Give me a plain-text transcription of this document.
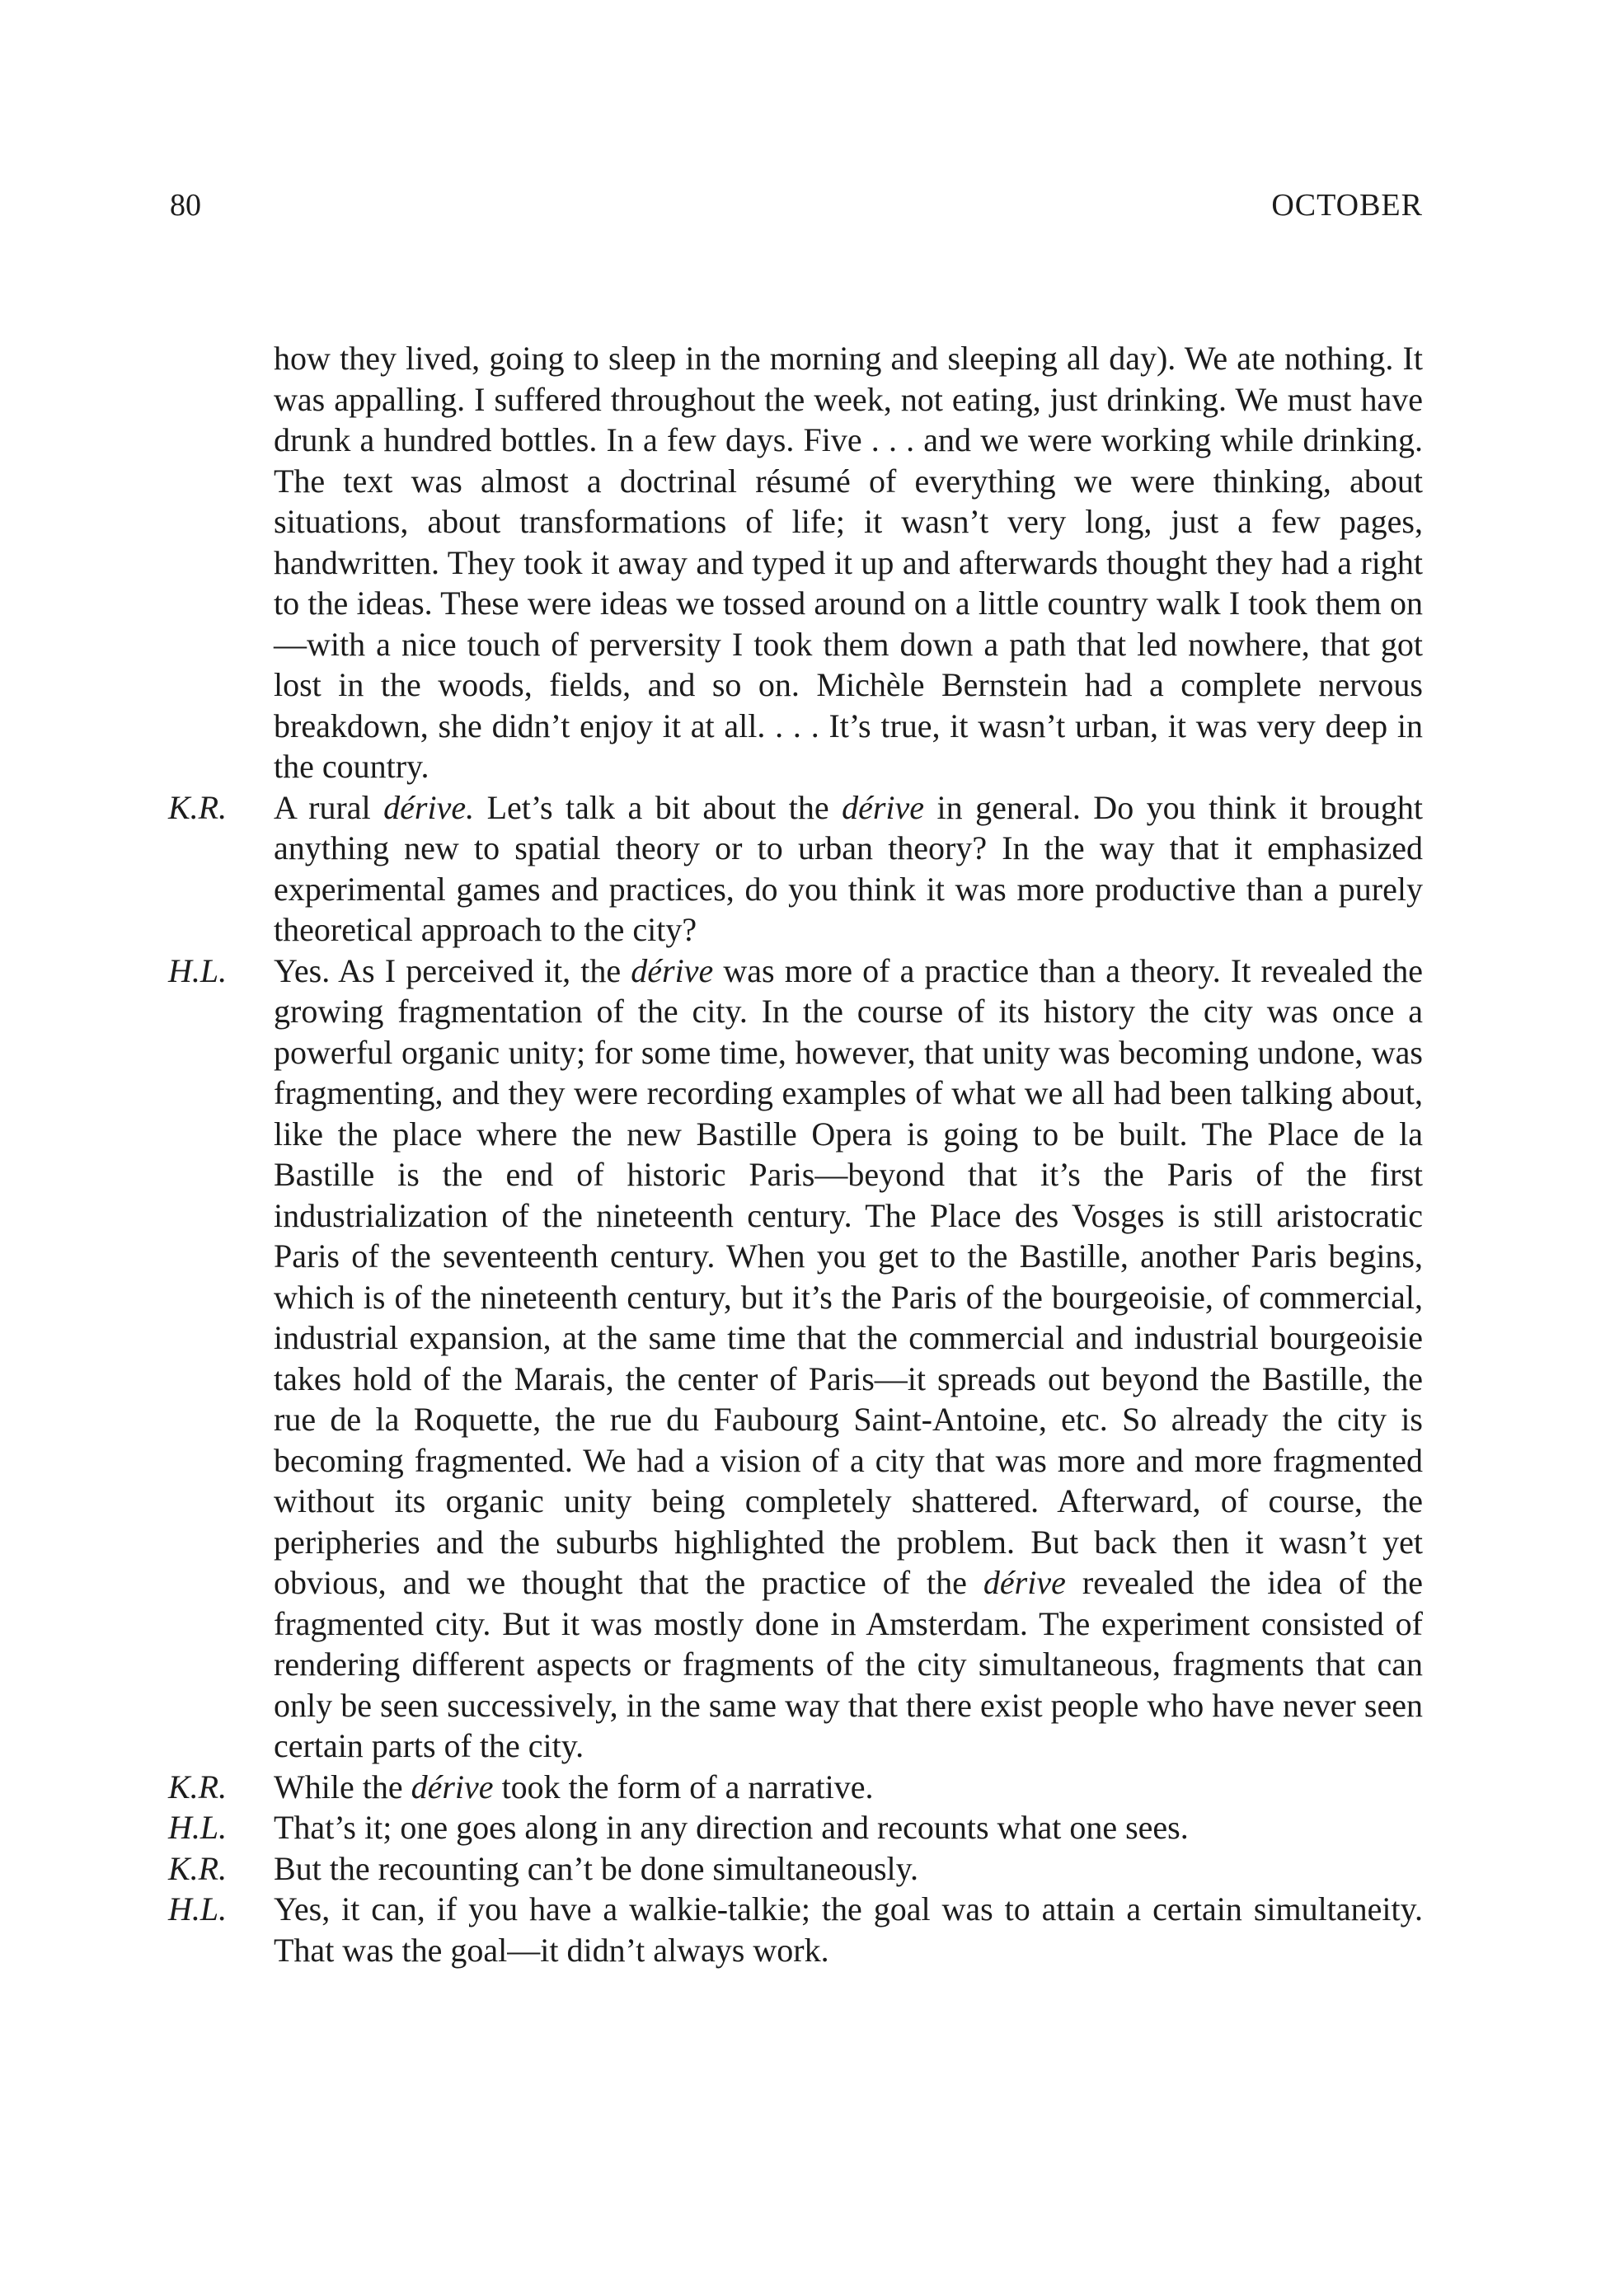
80	OCTOBER

how they lived, going to sleep in the morning and sleeping all day). We ate nothing. It was appalling. I suffered throughout the week, not eating, just drinking. We must have drunk a hundred bottles. In a few days. Five . . . and we were working while drinking. The text was almost a doctrinal résumé of everything we were thinking, about situations, about transformations of life; it wasn’t very long, just a few pages, handwritten. They took it away and typed it up and afterwards thought they had a right to the ideas. These were ideas we tossed around on a little country walk I took them on—with a nice touch of perversity I took them down a path that led nowhere, that got lost in the woods, fields, and so on. Michèle Bernstein had a complete nervous breakdown, she didn’t enjoy it at all. . . . It’s true, it wasn’t urban, it was very deep in the country.

K.R. A rural dérive. Let’s talk a bit about the dérive in general. Do you think it brought anything new to spatial theory or to urban theory? In the way that it emphasized experimental games and practices, do you think it was more productive than a purely theoretical approach to the city?

H.L. Yes. As I perceived it, the dérive was more of a practice than a theory. It revealed the growing fragmentation of the city. In the course of its history the city was once a powerful organic unity; for some time, however, that unity was becoming undone, was fragmenting, and they were recording examples of what we all had been talking about, like the place where the new Bastille Opera is going to be built. The Place de la Bastille is the end of historic Paris—beyond that it’s the Paris of the first industrialization of the nineteenth century. The Place des Vosges is still aristocratic Paris of the seventeenth century. When you get to the Bastille, another Paris begins, which is of the nineteenth century, but it’s the Paris of the bourgeoisie, of commercial, industrial expansion, at the same time that the commercial and industrial bourgeoisie takes hold of the Marais, the center of Paris—it spreads out beyond the Bastille, the rue de la Roquette, the rue du Faubourg Saint-Antoine, etc. So already the city is becoming fragmented. We had a vision of a city that was more and more fragmented without its organic unity being completely shattered. Afterward, of course, the peripheries and the suburbs highlighted the problem. But back then it wasn’t yet obvious, and we thought that the practice of the dérive revealed the idea of the fragmented city. But it was mostly done in Amsterdam. The experiment consisted of rendering different aspects or fragments of the city simultaneous, fragments that can only be seen successively, in the same way that there exist people who have never seen certain parts of the city.

K.R. While the dérive took the form of a narrative.

H.L. That’s it; one goes along in any direction and recounts what one sees.

K.R. But the recounting can’t be done simultaneously.

H.L. Yes, it can, if you have a walkie-talkie; the goal was to attain a certain simultaneity. That was the goal—it didn’t always work.
